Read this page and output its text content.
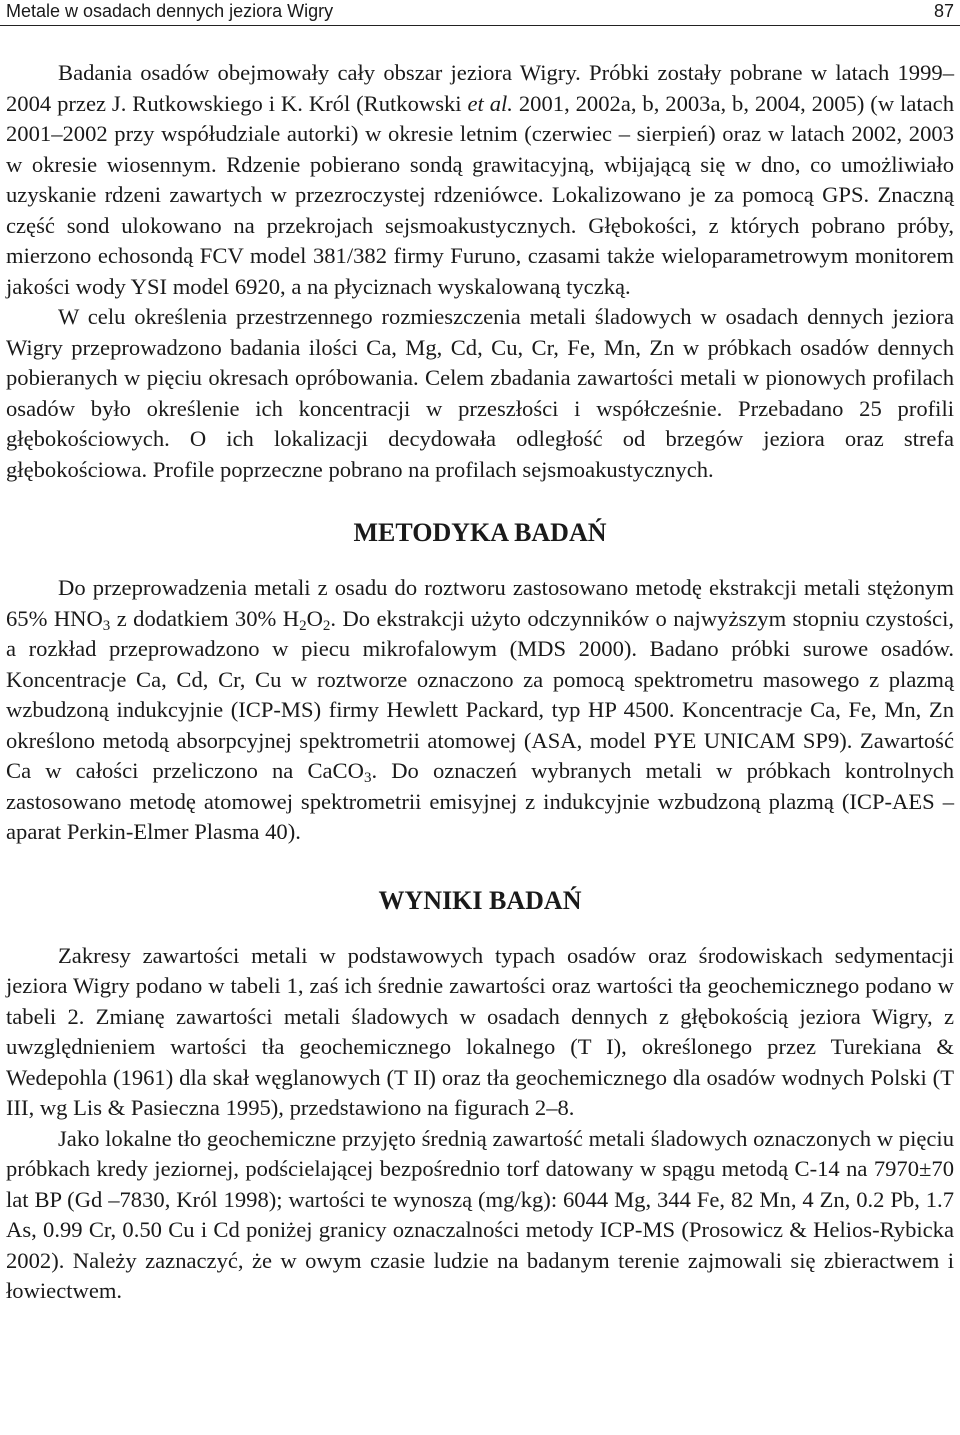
Metale w osadach dennych jeziora Wigry	87

Badania osadów obejmowały cały obszar jeziora Wigry. Próbki zostały pobrane w latach 1999–2004 przez J. Rutkowskiego i K. Król (Rutkowski et al. 2001, 2002a, b, 2003a, b, 2004, 2005) (w latach 2001–2002 przy współudziale autorki) w okresie letnim (czerwiec – sierpień) oraz w latach 2002, 2003 w okresie wiosennym. Rdzenie pobierano sondą grawitacyjną, wbijającą się w dno, co umożliwiało uzyskanie rdzeni zawartych w przezroczystej rdzeniówce. Lokalizowano je za pomocą GPS. Znaczną część sond ulokowano na przekrojach sejsmoakustycznych. Głębokości, z których pobrano próby, mierzono echosondą FCV model 381/382 firmy Furuno, czasami także wieloparametrowym monitorem jakości wody YSI model 6920, a na płyciznach wyskalowaną tyczką.

W celu określenia przestrzennego rozmieszczenia metali śladowych w osadach dennych jeziora Wigry przeprowadzono badania ilości Ca, Mg, Cd, Cu, Cr, Fe, Mn, Zn w próbkach osadów dennych pobieranych w pięciu okresach opróbowania. Celem zbadania zawartości metali w pionowych profilach osadów było określenie ich koncentracji w przeszłości i współcześnie. Przebadano 25 profili głębokościowych. O ich lokalizacji decydowała odległość od brzegów jeziora oraz strefa głębokościowa. Profile poprzeczne pobrano na profilach sejsmoakustycznych.

METODYKA BADAŃ

Do przeprowadzenia metali z osadu do roztworu zastosowano metodę ekstrakcji metali stężonym 65% $HNO_3$ z dodatkiem 30% $H_2O_2$. Do ekstrakcji użyto odczynników o najwyższym stopniu czystości, a rozkład przeprowadzono w piecu mikrofalowym (MDS 2000). Badano próbki surowe osadów. Koncentracje Ca, Cd, Cr, Cu w roztworze oznaczono za pomocą spektrometru masowego z plazmą wzbudzoną indukcyjnie (ICP-MS) firmy Hewlett Packard, typ HP 4500. Koncentracje Ca, Fe, Mn, Zn określono metodą absorpcyjnej spektrometrii atomowej (ASA, model PYE UNICAM SP9). Zawartość Ca w całości przeliczono na CaCO$_3$. Do oznaczeń wybranych metali w próbkach kontrolnych zastosowano metodę atomowej spektrometrii emisyjnej z indukcyjnie wzbudzoną plazmą (ICP-AES – aparat Perkin-Elmer Plasma 40).

WYNIKI BADAŃ

Zakresy zawartości metali w podstawowych typach osadów oraz środowiskach sedymentacji jeziora Wigry podano w tabeli 1, zaś ich średnie zawartości oraz wartości tła geochemicznego podano w tabeli 2. Zmianę zawartości metali śladowych w osadach dennych z głębokością jeziora Wigry, z uwzględnieniem wartości tła geochemicznego lokalnego (T I), określonego przez Turekiana & Wedepohla (1961) dla skał węglanowych (T II) oraz tła geochemicznego dla osadów wodnych Polski (T III, wg Lis & Pasieczna 1995), przedstawiono na figurach 2–8.

Jako lokalne tło geochemiczne przyjęto średnią zawartość metali śladowych oznaczonych w pięciu próbkach kredy jeziornej, podścielającej bezpośrednio torf datowany w spągu metodą C-14 na 7970±70 lat BP (Gd –7830, Król 1998); wartości te wynoszą (mg/kg): 6044 Mg, 344 Fe, 82 Mn, 4 Zn, 0.2 Pb, 1.7 As, 0.99 Cr, 0.50 Cu i Cd poniżej granicy oznaczalności metody ICP-MS (Prosowicz & Helios-Rybicka 2002). Należy zaznaczyć, że w owym czasie ludzie na badanym terenie zajmowali się zbieractwem i łowiectwem.
